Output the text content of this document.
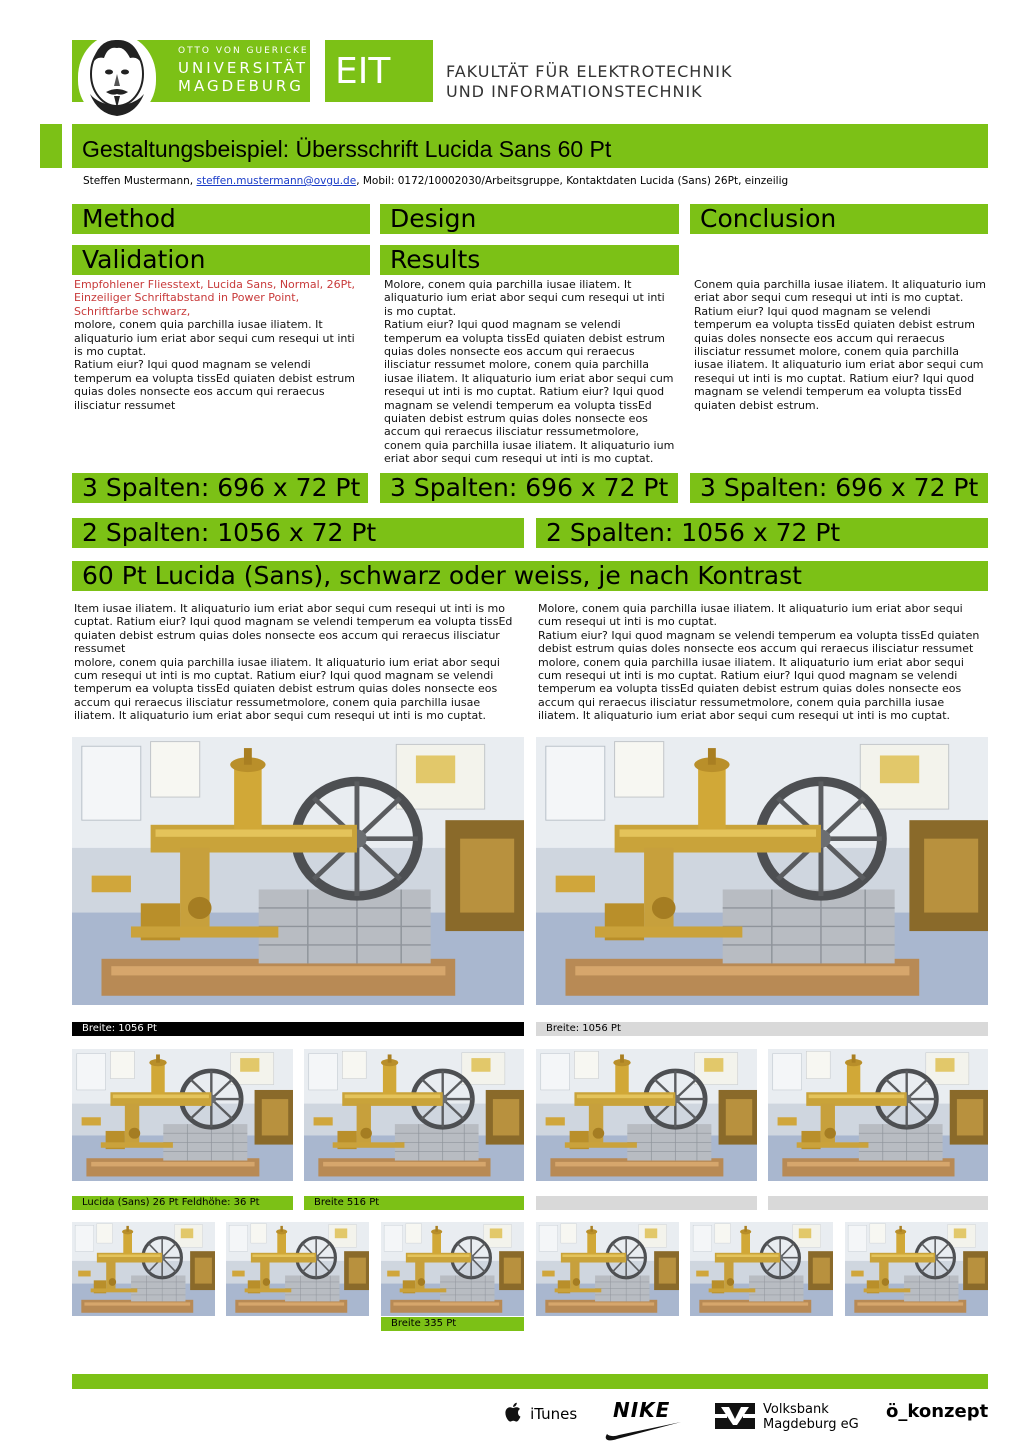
OTTO VON GUERICKE
UNIVERSITÄT
MAGDEBURG EIT	FAKULTÄT FÜR ELEKTROTECHNIK
UND INFORMATIONSTECHNIK
Gestaltungsbeispiel: Übersschrift Lucida Sans 60 Pt
Steffen Mustermann, steffen.mustermann@ovgu.de, Mobil: 0172/10002030/Arbeitsgruppe, Kontaktdaten Lucida (Sans) 26Pt, einzeilig
Method	Design	Conclusion
Validation	Results

Empfohlener Fliesstext, Lucida Sans, Normal, 26Pt, Einzeiliger Schriftabstand in Power Point, Schriftfarbe schwarz,

molore, conem quia parchilla iusae iliatem. It aliquaturio ium eriat abor sequi cum resequi ut inti is mo cuptat.

Ratium eiur? Iqui quod magnam se velendi temperum ea volupta tissEd quiaten debist estrum quias doles nonsecte eos accum qui reraecus ilisciatur ressumet

Molore, conem quia parchilla iusae iliatem. It aliquaturio ium eriat abor sequi cum resequi ut inti is mo cuptat.

Ratium eiur? Iqui quod magnam se velendi temperum ea volupta tissEd quiaten debist estrum quias doles nonsecte eos accum qui reraecus ilisciatur ressumet molore, conem quia parchilla iusae iliatem. It aliquaturio ium eriat abor sequi cum resequi ut inti is mo cuptat. Ratium eiur? Iqui quod magnam se velendi temperum ea volupta tissEd quiaten debist estrum quias doles nonsecte eos accum qui reraecus ilisciatur ressumetmolore, conem quia parchilla iusae iliatem. It aliquaturio ium eriat abor sequi cum resequi ut inti is mo cuptat.

Conem quia parchilla iusae iliatem. It aliquaturio ium eriat abor sequi cum resequi ut inti is mo cuptat.

Ratium eiur? Iqui quod magnam se velendi temperum ea volupta tissEd quiaten debist estrum quias doles nonsecte eos accum qui reraecus ilisciatur ressumet molore, conem quia parchilla iusae iliatem. It aliquaturio ium eriat abor sequi cum resequi ut inti is mo cuptat. Ratium eiur? Iqui quod magnam se velendi temperum ea volupta tissEd quiaten debist estrum.

3 Spalten: 696 x 72 Pt	3 Spalten: 696 x 72 Pt	3 Spalten: 696 x 72 Pt
2 Spalten: 1056 x 72 Pt	2 Spalten: 1056 x 72 Pt
60 Pt Lucida (Sans), schwarz oder weiss, je nach Kontrast

Item iusae iliatem. It aliquaturio ium eriat abor sequi cum resequi ut inti is mo cuptat. Ratium eiur? Iqui quod magnam se velendi temperum ea volupta tissEd quiaten debist estrum quias doles nonsecte eos accum qui reraecus ilisciatur ressumet

molore, conem quia parchilla iusae iliatem. It aliquaturio ium eriat abor sequi cum resequi ut inti is mo cuptat. Ratium eiur? Iqui quod magnam se velendi temperum ea volupta tissEd quiaten debist estrum quias doles nonsecte eos accum qui reraecus ilisciatur ressumetmolore, conem quia parchilla iusae iliatem. It aliquaturio ium eriat abor sequi cum resequi ut inti is mo cuptat.

Molore, conem quia parchilla iusae iliatem. It aliquaturio ium eriat abor sequi cum resequi ut inti is mo cuptat.

Ratium eiur? Iqui quod magnam se velendi temperum ea volupta tissEd quiaten debist estrum quias doles nonsecte eos accum qui reraecus ilisciatur ressumet molore, conem quia parchilla iusae iliatem. It aliquaturio ium eriat abor sequi cum resequi ut inti is mo cuptat. Ratium eiur? Iqui quod magnam se velendi temperum ea volupta tissEd quiaten debist estrum quias doles nonsecte eos accum qui reraecus ilisciatur ressumetmolore, conem quia parchilla iusae iliatem. It aliquaturio ium eriat abor sequi cum resequi ut inti is mo cuptat.

Breite: 1056 Pt	Breite: 1056 Pt
Lucida (Sans) 26 Pt Feldhöhe: 36 Pt	Breite 516 Pt
Breite 335 Pt
iTunes NIKE	Volksbank
Magdeburg eG
ö_konzept
